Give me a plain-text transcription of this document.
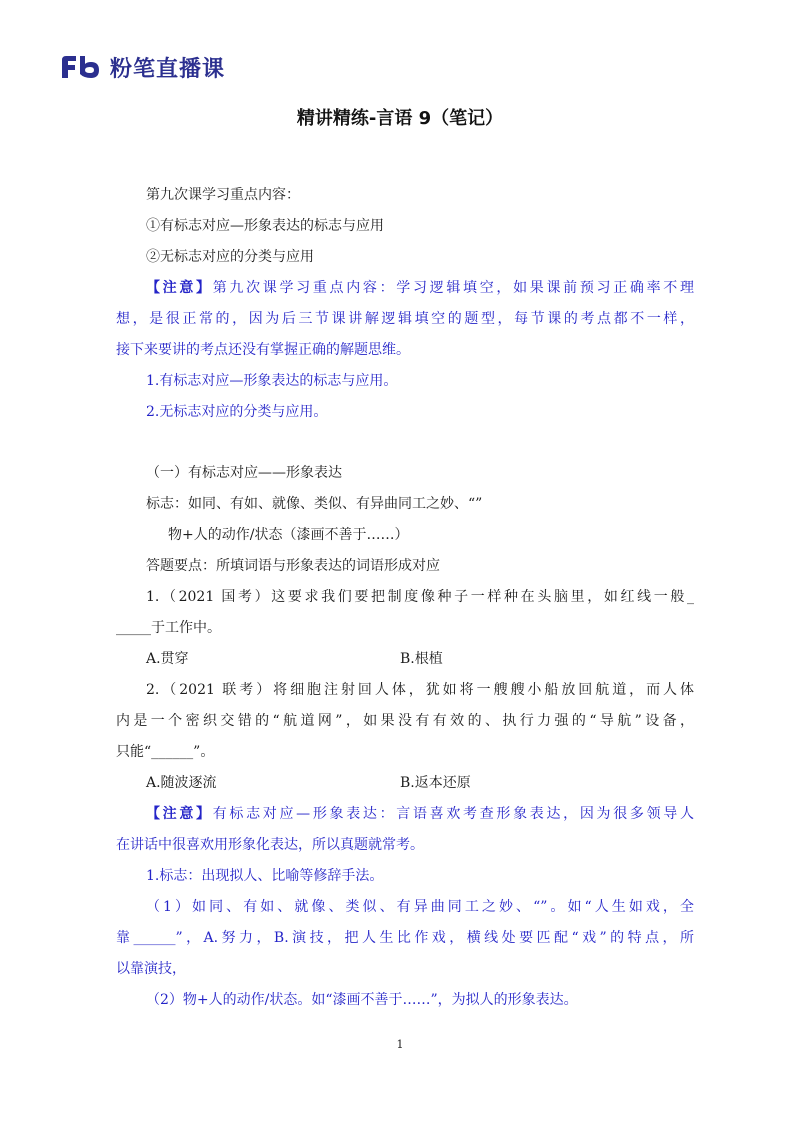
粉笔直播课
精讲精练-言语 9（笔记）
第九次课学习重点内容：
①有标志对应—形象表达的标志与应用
②无标志对应的分类与应用
【注意】第九次课学习重点内容：学习逻辑填空，如果课前预习正确率不理
想，是很正常的，因为后三节课讲解逻辑填空的题型，每节课的考点都不一样，
接下来要讲的考点还没有掌握正确的解题思维。
1.有标志对应—形象表达的标志与应用。
2.无标志对应的分类与应用。
（一）有标志对应——形象表达
标志：如同、有如、就像、类似、有异曲同工之妙、“”
物+人的动作/状态（漆画不善于……）
答题要点：所填词语与形象表达的词语形成对应
1.（2021 国考）这要求我们要把制度像种子一样种在头脑里，如红线一般_
_____于工作中。
A.贯穿	B.根植
2.（2021 联考）将细胞注射回人体，犹如将一艘艘小船放回航道，而人体
内是一个密织交错的“航道网”，如果没有有效的、执行力强的“导航”设备，
只能“______”。
A.随波逐流	B.返本还原
【注意】有标志对应—形象表达：言语喜欢考查形象表达，因为很多领导人
在讲话中很喜欢用形象化表达，所以真题就常考。
1.标志：出现拟人、比喻等修辞手法。
（1）如同、有如、就像、类似、有异曲同工之妙、“”。如“人生如戏，全
靠______”，A.努力，B.演技，把人生比作戏，横线处要匹配“戏”的特点，所
以靠演技，
（2）物+人的动作/状态。如“漆画不善于……”，为拟人的形象表达。
1
